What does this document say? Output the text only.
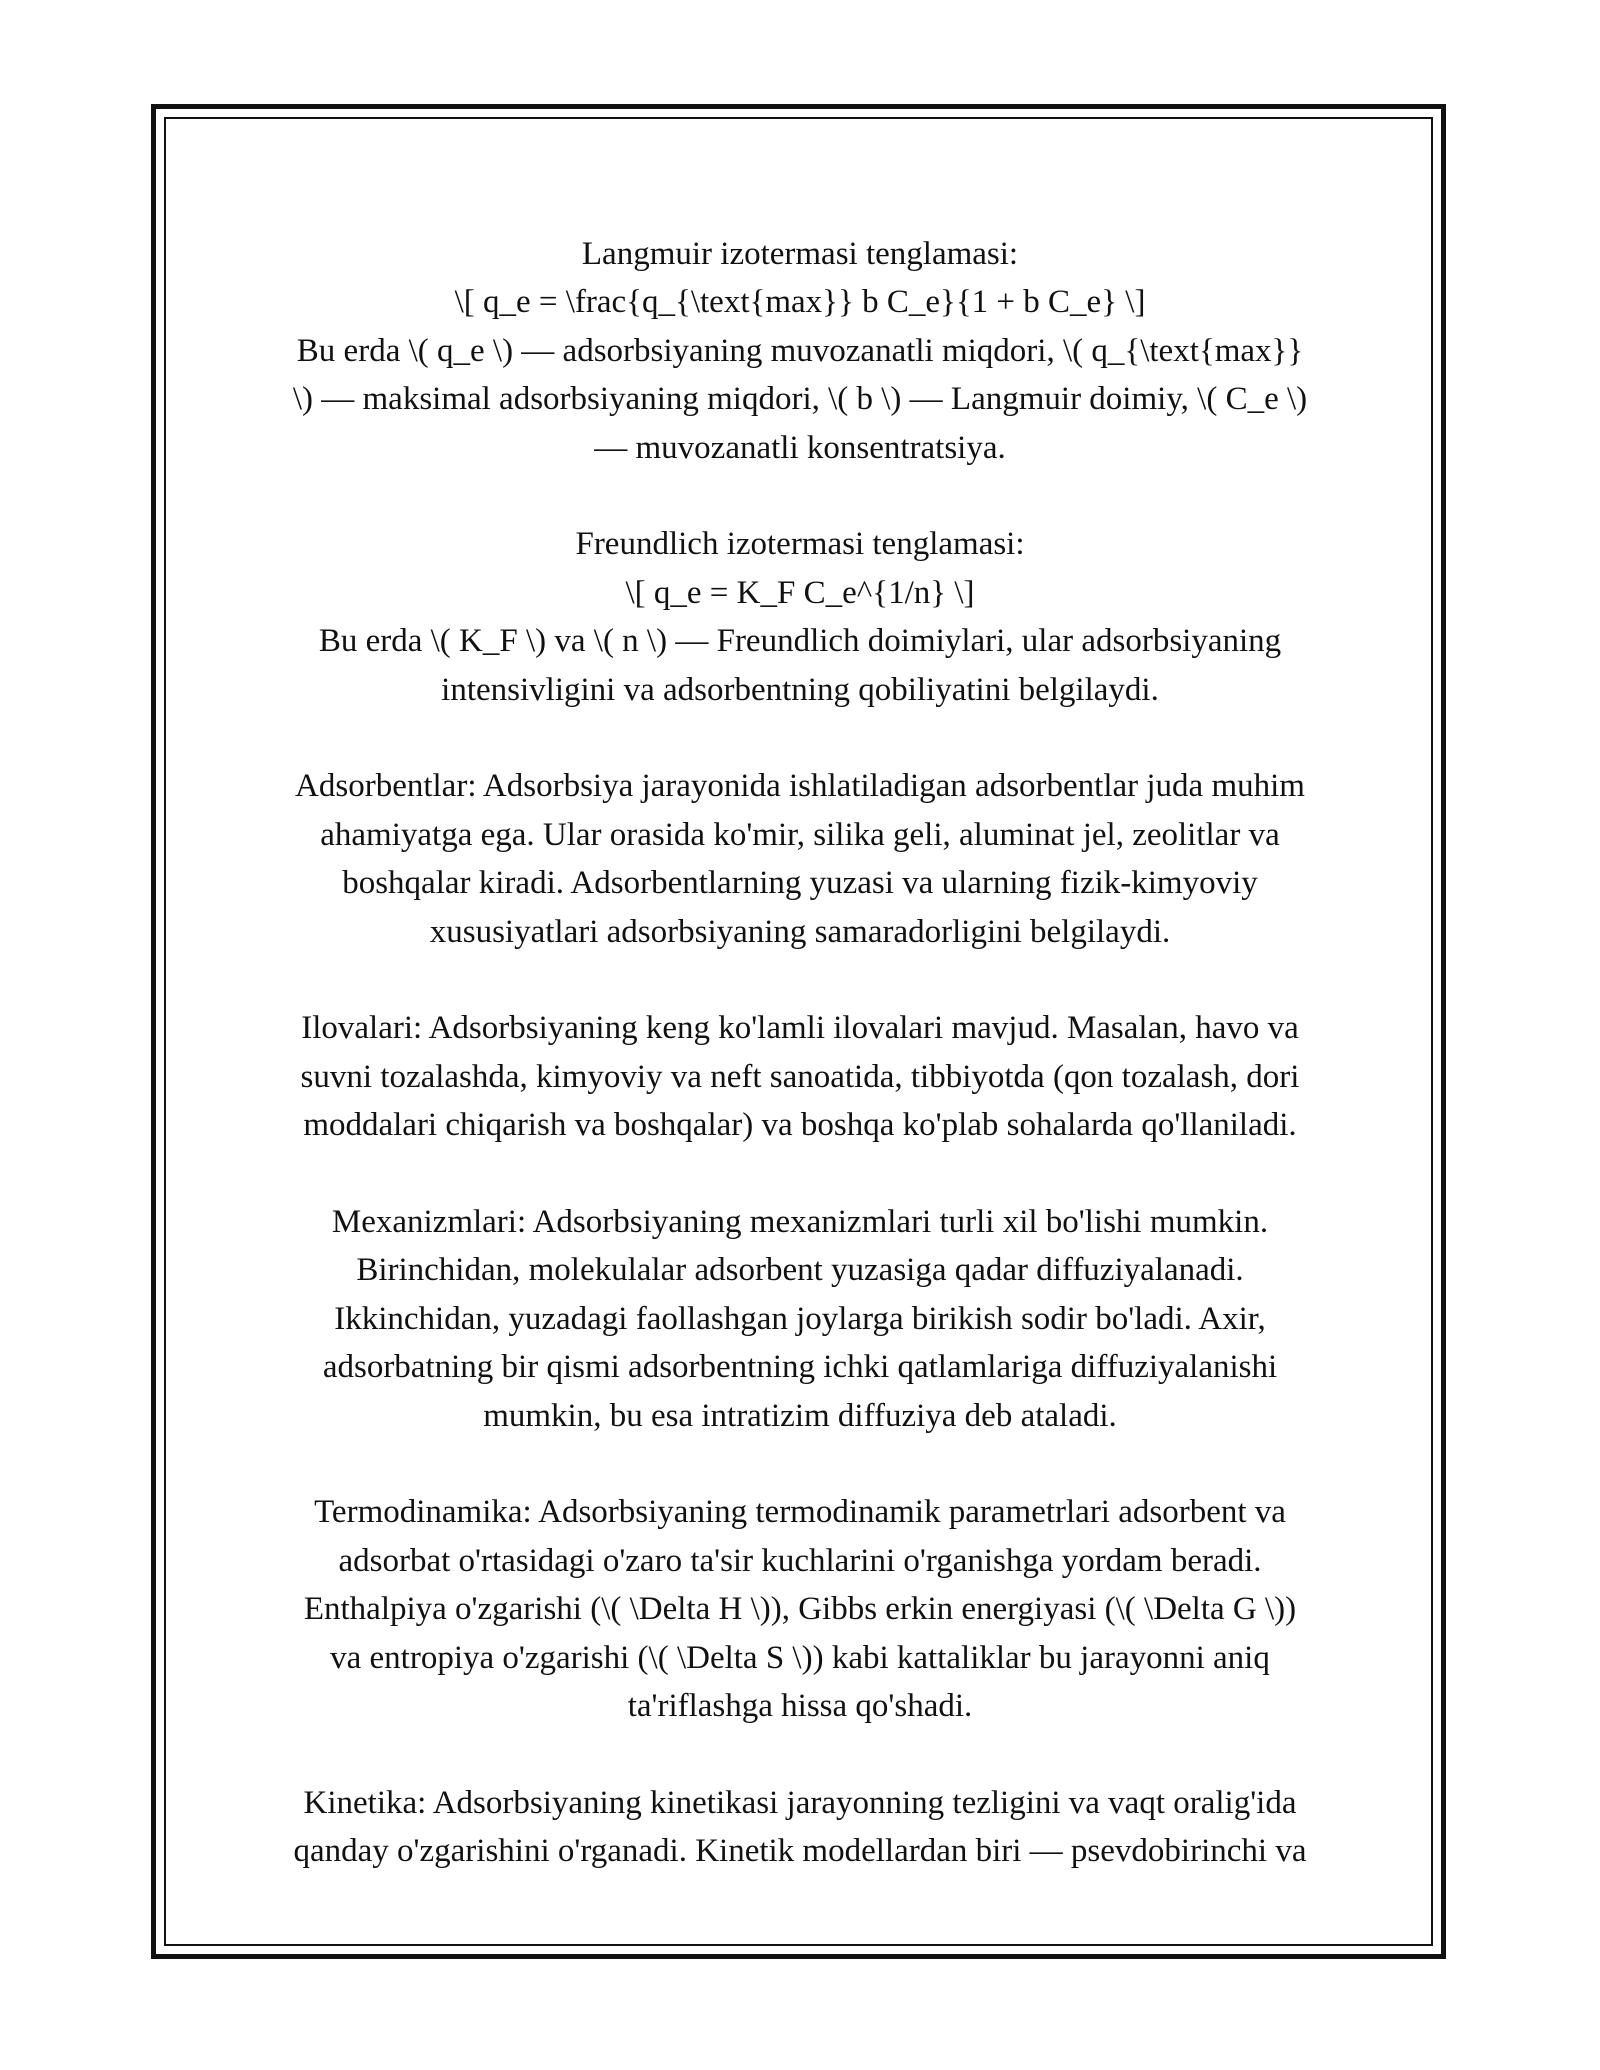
Langmuir izotermasi tenglamasi:
\[ q_e = \frac{q_{\text{max}} b C_e}{1 + b C_e} \]
Bu erda \( q_e \) — adsorbsiyaning muvozanatli miqdori, \( q_{\text{max}}
\) — maksimal adsorbsiyaning miqdori, \( b \) — Langmuir doimiy, \( C_e \)
— muvozanatli konsentratsiya.
Freundlich izotermasi tenglamasi:
\[ q_e = K_F C_e^{1/n} \]
Bu erda \( K_F \) va \( n \) — Freundlich doimiylari, ular adsorbsiyaning
intensivligini va adsorbentning qobiliyatini belgilaydi.
Adsorbentlar: Adsorbsiya jarayonida ishlatiladigan adsorbentlar juda muhim
ahamiyatga ega. Ular orasida ko'mir, silika geli, aluminat jel, zeolitlar va
boshqalar kiradi. Adsorbentlarning yuzasi va ularning fizik-kimyoviy
xususiyatlari adsorbsiyaning samaradorligini belgilaydi.
Ilovalari: Adsorbsiyaning keng ko'lamli ilovalari mavjud. Masalan, havo va
suvni tozalashda, kimyoviy va neft sanoatida, tibbiyotda (qon tozalash, dori
moddalari chiqarish va boshqalar) va boshqa ko'plab sohalarda qo'llaniladi.
Mexanizmlari: Adsorbsiyaning mexanizmlari turli xil bo'lishi mumkin.
Birinchidan, molekulalar adsorbent yuzasiga qadar diffuziyalanadi.
Ikkinchidan, yuzadagi faollashgan joylarga birikish sodir bo'ladi. Axir,
adsorbatning bir qismi adsorbentning ichki qatlamlariga diffuziyalanishi
mumkin, bu esa intratizim diffuziya deb ataladi.
Termodinamika: Adsorbsiyaning termodinamik parametrlari adsorbent va
adsorbat o'rtasidagi o'zaro ta'sir kuchlarini o'rganishga yordam beradi.
Enthalpiya o'zgarishi (\( \Delta H \)), Gibbs erkin energiyasi (\( \Delta G \))
va entropiya o'zgarishi (\( \Delta S \)) kabi kattaliklar bu jarayonni aniq
ta'riflashga hissa qo'shadi.
Kinetika: Adsorbsiyaning kinetikasi jarayonning tezligini va vaqt oralig'ida
qanday o'zgarishini o'rganadi. Kinetik modellardan biri — psevdobirinchi va
